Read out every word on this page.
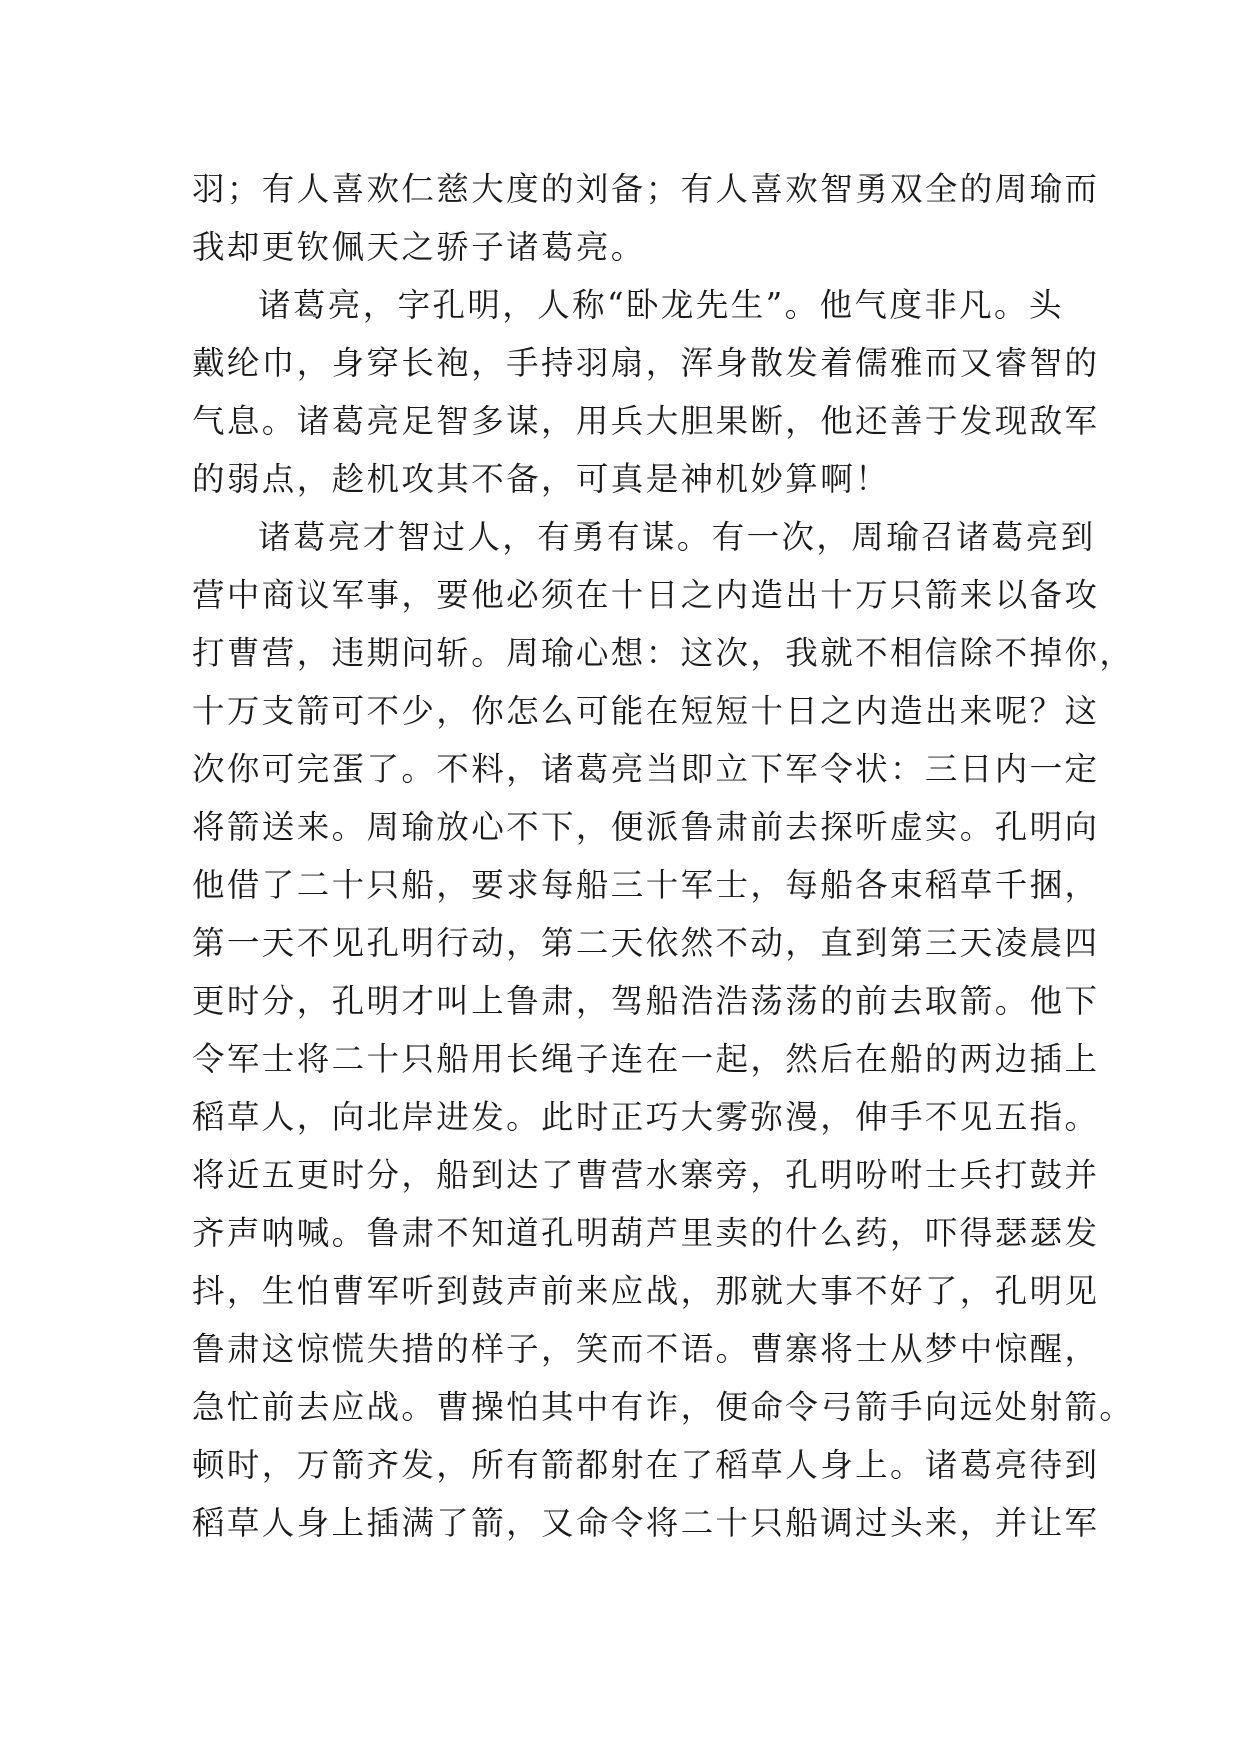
羽；有人喜欢仁慈大度的刘备；有人喜欢智勇双全的周瑜而
我却更钦佩天之骄子诸葛亮。
诸葛亮，字孔明，人称“卧龙先生”。他气度非凡。头
戴纶巾，身穿长袍，手持羽扇，浑身散发着儒雅而又睿智的
气息。诸葛亮足智多谋，用兵大胆果断，他还善于发现敌军
的弱点，趁机攻其不备，可真是神机妙算啊！
诸葛亮才智过人，有勇有谋。有一次，周瑜召诸葛亮到
营中商议军事，要他必须在十日之内造出十万只箭来以备攻
打曹营，违期问斩。周瑜心想：这次，我就不相信除不掉你，
十万支箭可不少，你怎么可能在短短十日之内造出来呢？这
次你可完蛋了。不料，诸葛亮当即立下军令状：三日内一定
将箭送来。周瑜放心不下，便派鲁肃前去探听虚实。孔明向
他借了二十只船，要求每船三十军士，每船各束稻草千捆，
第一天不见孔明行动，第二天依然不动，直到第三天凌晨四
更时分，孔明才叫上鲁肃，驾船浩浩荡荡的前去取箭。他下
令军士将二十只船用长绳子连在一起，然后在船的两边插上
稻草人，向北岸进发。此时正巧大雾弥漫，伸手不见五指。
将近五更时分，船到达了曹营水寨旁，孔明吩咐士兵打鼓并
齐声呐喊。鲁肃不知道孔明葫芦里卖的什么药，吓得瑟瑟发
抖，生怕曹军听到鼓声前来应战，那就大事不好了，孔明见
鲁肃这惊慌失措的样子，笑而不语。曹寨将士从梦中惊醒，
急忙前去应战。曹操怕其中有诈，便命令弓箭手向远处射箭。
顿时，万箭齐发，所有箭都射在了稻草人身上。诸葛亮待到
稻草人身上插满了箭，又命令将二十只船调过头来，并让军
